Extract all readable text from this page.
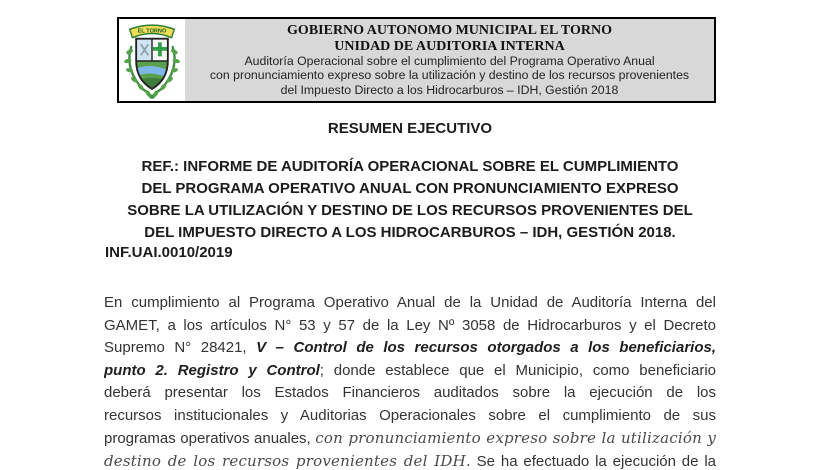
EL TORNO	GOBIERNO AUTONOMO MUNICIPAL EL TORNO
UNIDAD DE AUDITORIA INTERNA
Auditoría Operacional sobre el cumplimiento del Programa Operativo Anual
con pronunciamiento expreso sobre la utilización y destino de los recursos provenientes
del Impuesto Directo a los Hidrocarburos – IDH, Gestión 2018
RESUMEN EJECUTIVO
REF.: INFORME DE AUDITORÍA OPERACIONAL SOBRE EL CUMPLIMIENTO
DEL PROGRAMA OPERATIVO ANUAL CON PRONUNCIAMIENTO EXPRESO
SOBRE LA UTILIZACIÓN Y DESTINO DE LOS RECURSOS PROVENIENTES DEL
DEL IMPUESTO DIRECTO A LOS HIDROCARBUROS – IDH, GESTIÓN 2018.
INF.UAI.0010/2019
En cumplimiento al Programa Operativo Anual de la Unidad de Auditoría Interna del
GAMET, a los artículos N° 53 y 57 de la Ley Nº 3058 de Hidrocarburos y el Decreto
Supremo N° 28421, V – Control de los recursos otorgados a los beneficiarios,
punto 2. Registro y Control; donde establece que el Municipio, como beneficiario
deberá presentar los Estados Financieros auditados sobre la ejecución de los
recursos institucionales y Auditorias Operacionales sobre el cumplimiento de sus
programas operativos anuales, con pronunciamiento expreso sobre la utilización y
destino de los recursos provenientes del IDH. Se ha efectuado la ejecución de la
